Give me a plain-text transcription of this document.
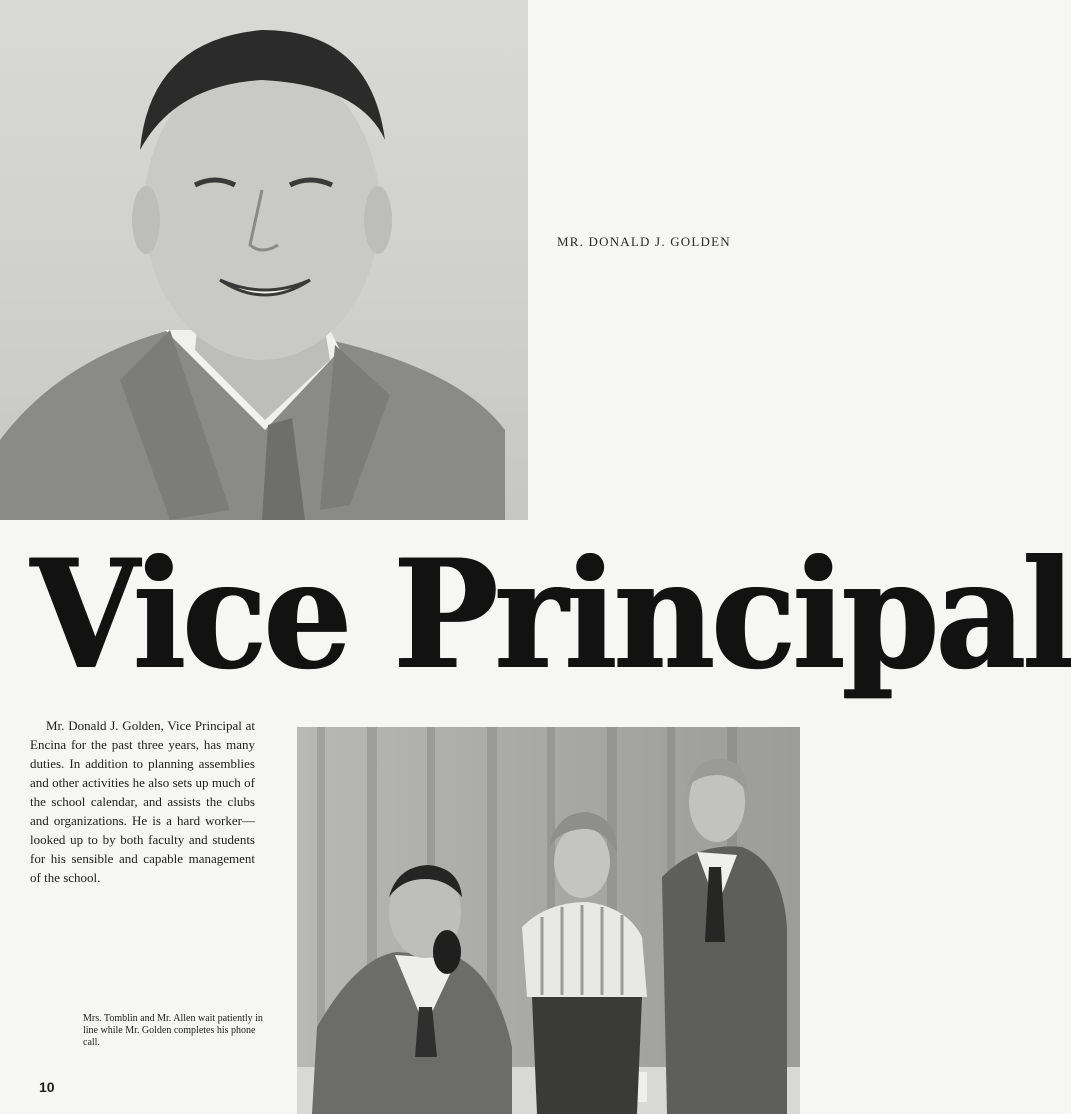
MR. DONALD J. GOLDEN
Vice Principal
Mr. Donald J. Golden, Vice Principal at Encina for the past three years, has many duties. In addition to planning assemblies and other activities he also sets up much of the school calendar, and assists the clubs and organizations. He is a hard worker—looked up to by both faculty and students for his sensible and capable management of the school.
Mrs. Tomblin and Mr. Allen wait patiently in line while Mr. Golden completes his phone call.
10
